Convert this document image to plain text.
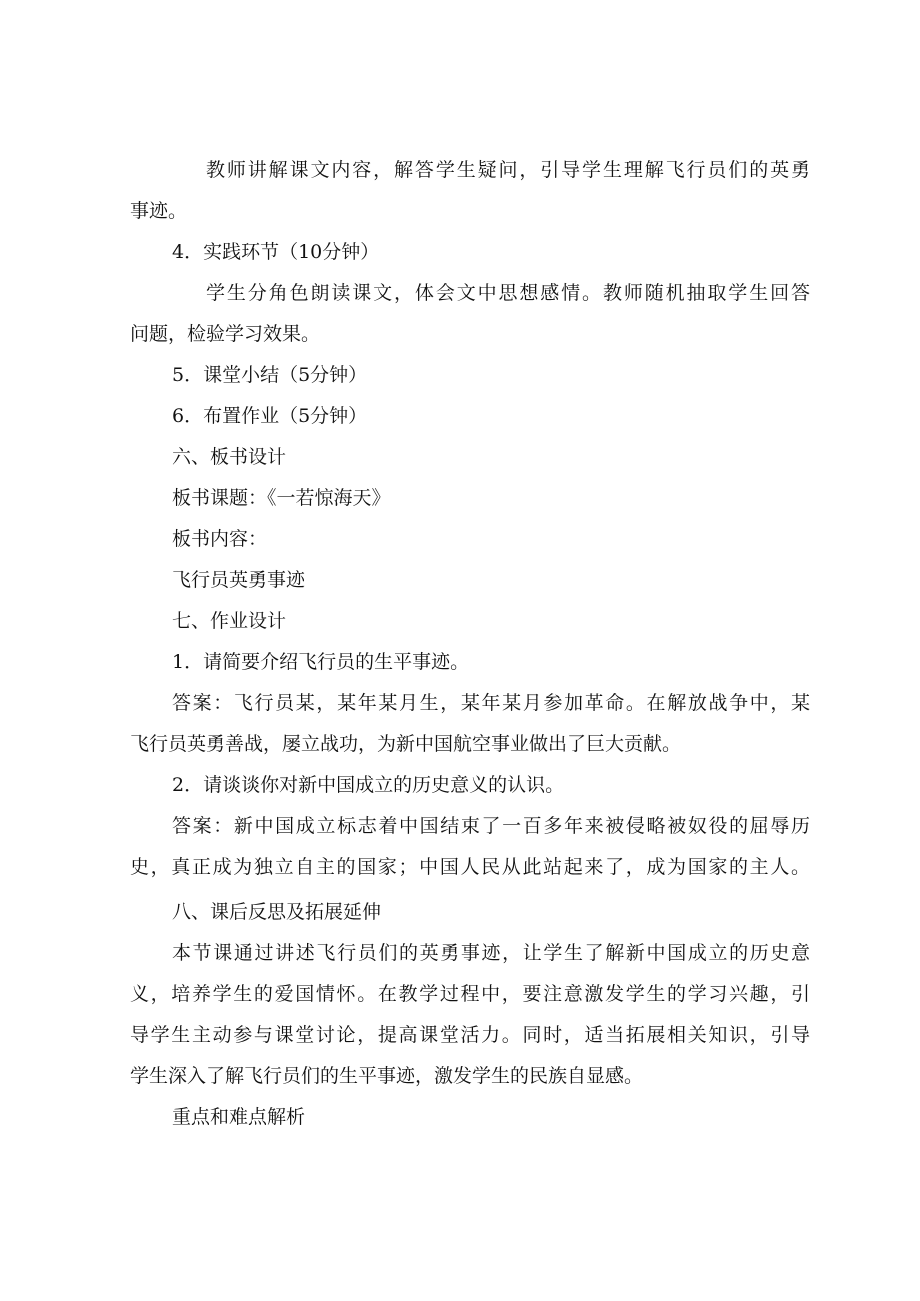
教师讲解课文内容，解答学生疑问，引导学生理解飞行员们的英勇
事迹。
4．实践环节（10分钟）
学生分角色朗读课文，体会文中思想感情。教师随机抽取学生回答
问题，检验学习效果。
5．课堂小结（5分钟）
6．布置作业（5分钟）
六、板书设计
板书课题：《一若惊海天》
板书内容：
飞行员英勇事迹
七、作业设计
1．请简要介绍飞行员的生平事迹。
答案：飞行员某，某年某月生，某年某月参加革命。在解放战争中，某
飞行员英勇善战，屡立战功，为新中国航空事业做出了巨大贡献。
2．请谈谈你对新中国成立的历史意义的认识。
答案：新中国成立标志着中国结束了一百多年来被侵略被奴役的屈辱历
史，真正成为独立自主的国家；中国人民从此站起来了，成为国家的主人。
八、课后反思及拓展延伸
本节课通过讲述飞行员们的英勇事迹，让学生了解新中国成立的历史意
义，培养学生的爱国情怀。在教学过程中，要注意激发学生的学习兴趣，引
导学生主动参与课堂讨论，提高课堂活力。同时，适当拓展相关知识，引导
学生深入了解飞行员们的生平事迹，激发学生的民族自显感。
重点和难点解析
